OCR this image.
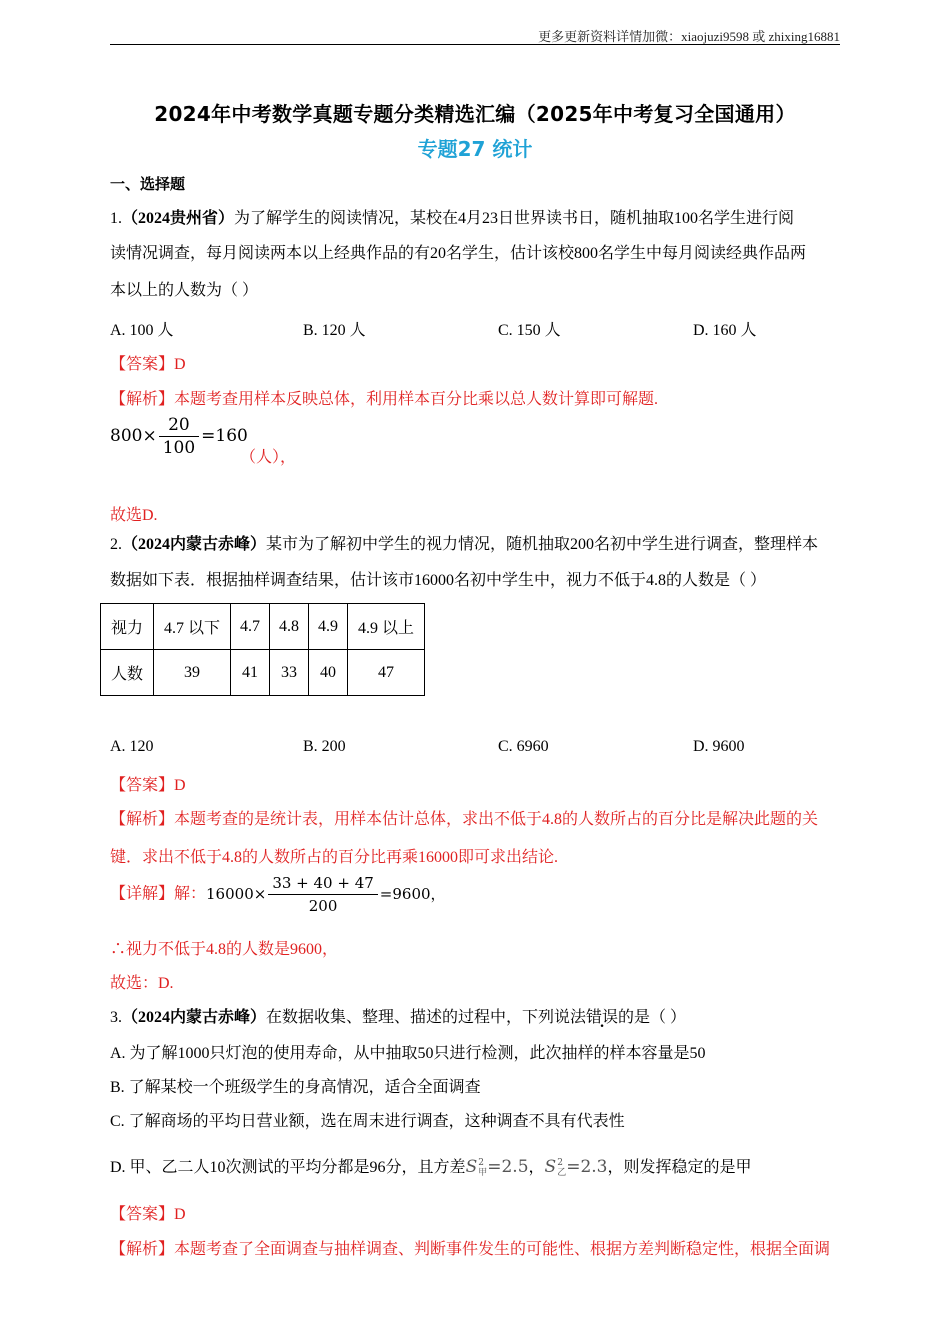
更多更新资料详情加微：xiaojuzi9598 或 zhixing16881
2024年中考数学真题专题分类精选汇编（2025年中考复习全国通用）
专题27 统计
一、选择题
1.（2024贵州省）为了解学生的阅读情况，某校在4月23日世界读书日，随机抽取100名学生进行阅
读情况调查，每月阅读两本以上经典作品的有20名学生，估计该校800名学生中每月阅读经典作品两
本以上的人数为（ ）
A. 100 人	B. 120 人	C. 150 人	D. 160 人
【答案】D
【解析】本题考查用样本反映总体，利用样本百分比乘以总人数计算即可解题.
$800\times \frac{20}{100} =160$
（人），
故选D.
2.（2024内蒙古赤峰）某市为了解初中学生的视力情况，随机抽取200名初中学生进行调查，整理样本
数据如下表．根据抽样调查结果，估计该市16000名初中学生中，视力不低于4.8的人数是（ ）
视力	4.7 以下	4.7	4.8	4.9	4.9 以上
人数	39	41	33	40	47
A. 120	B. 200	C. 6960	D. 9600
【答案】D
【解析】本题考查的是统计表，用样本估计总体，求出不低于4.8的人数所占的百分比是解决此题的关
键．求出不低于4.8的人数所占的百分比再乘16000即可求出结论.
【详解】解：$16000\times \frac{33 + 40 + 47}{200} =9600$，
∴视力不低于4.8的人数是9600，
故选：D.
3.（2024内蒙古赤峰）在数据收集、整理、描述的过程中，下列说法错误的是（ ）
A. 为了解1000只灯泡的使用寿命，从中抽取50只进行检测，此次抽样的样本容量是50
B. 了解某校一个班级学生的身高情况，适合全面调查
C. 了解商场的平均日营业额，选在周末进行调查，这种调查不具有代表性
D. 甲、乙二人10次测试的平均分都是96分，且方差S 2
甲 =2.5，S 2
乙 =2.3，则发挥稳定的是甲
【答案】D
【解析】本题考查了全面调查与抽样调查、判断事件发生的可能性、根据方差判断稳定性，根据全面调
